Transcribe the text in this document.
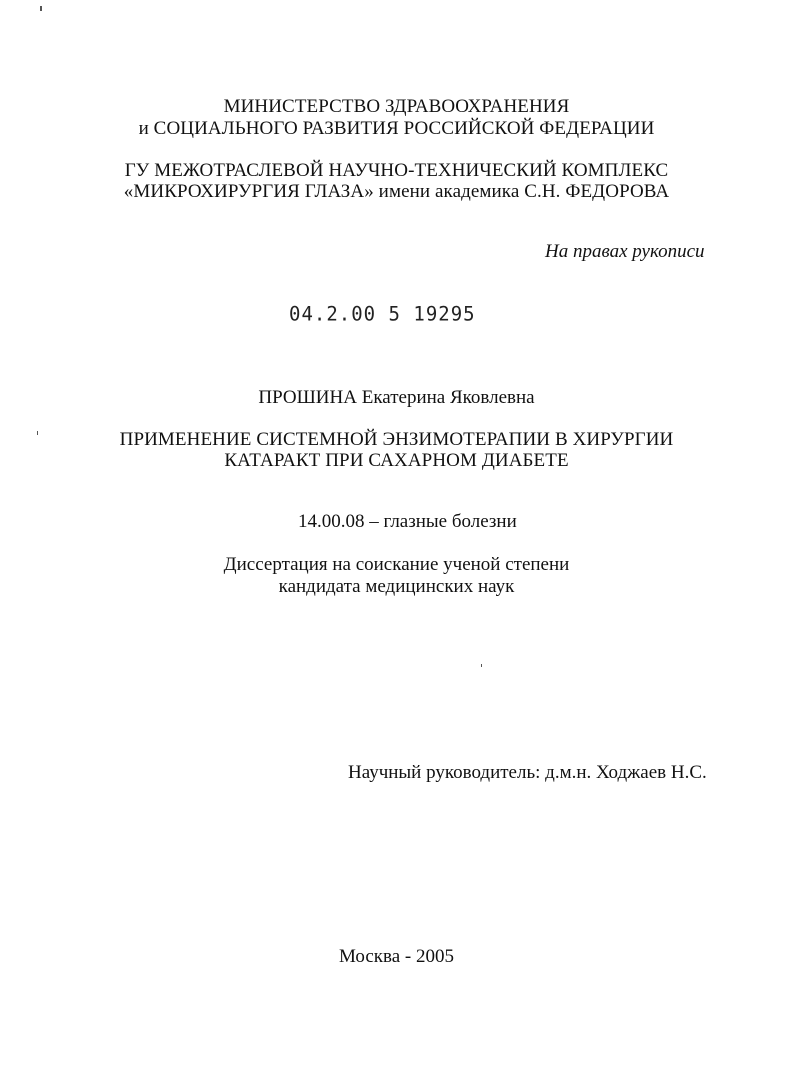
МИНИСТЕРСТВО ЗДРАВООХРАНЕНИЯ
и СОЦИАЛЬНОГО РАЗВИТИЯ РОССИЙСКОЙ ФЕДЕРАЦИИ
ГУ МЕЖОТРАСЛЕВОЙ НАУЧНО-ТЕХНИЧЕСКИЙ КОМПЛЕКС
«МИКРОХИРУРГИЯ ГЛАЗА» имени академика С.Н. ФЕДОРОВА
На правах рукописи
04.2.00 5 19295
ПРОШИНА Екатерина Яковлевна
ПРИМЕНЕНИЕ СИСТЕМНОЙ ЭНЗИМОТЕРАПИИ В ХИРУРГИИ
КАТАРАКТ ПРИ САХАРНОМ ДИАБЕТЕ
14.00.08 – глазные болезни
Диссертация на соискание ученой степени
кандидата медицинских наук
Научный руководитель: д.м.н. Ходжаев Н.С.
Москва - 2005
